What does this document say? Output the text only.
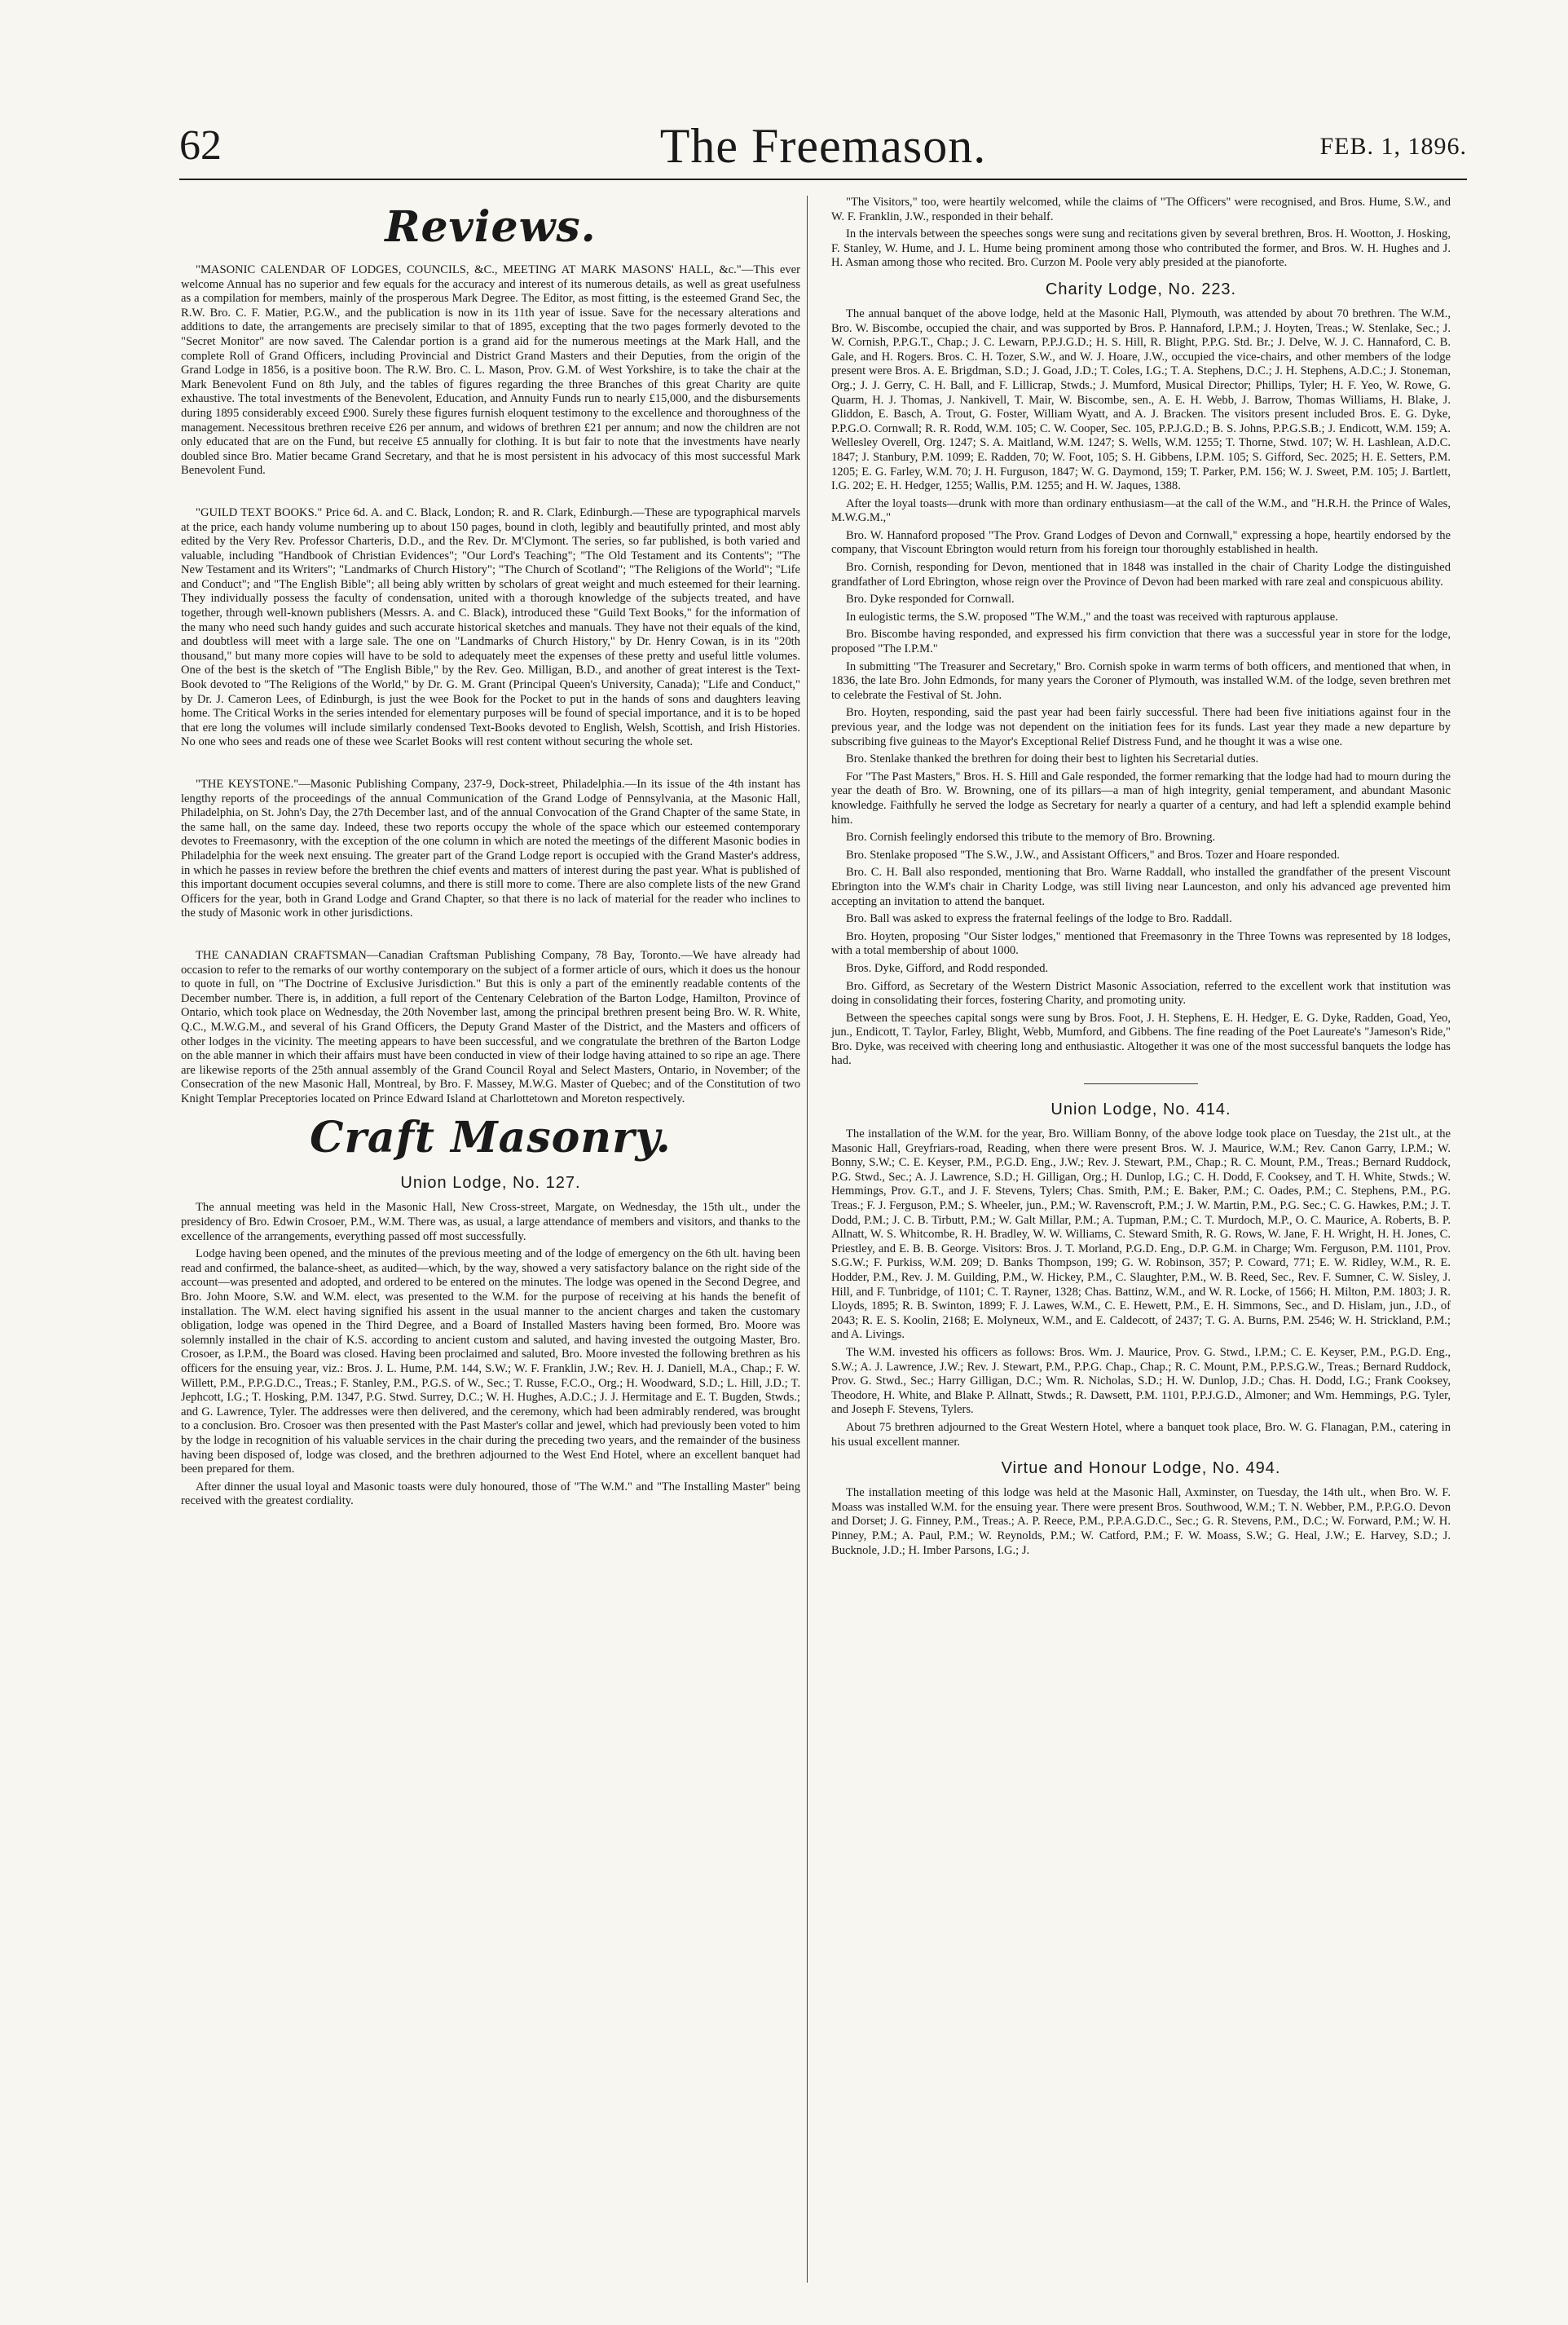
The Freemason.
62	FEB. 1, 1896.
Reviews.

"MASONIC CALENDAR OF LODGES, COUNCILS, &C., MEETING AT MARK MASONS' HALL, &c."—This ever welcome Annual has no superior and few equals for the accuracy and interest of its numerous details, as well as great usefulness as a compilation for members, mainly of the prosperous Mark Degree. The Editor, as most fitting, is the esteemed Grand Sec, the R.W. Bro. C. F. Matier, P.G.W., and the publication is now in its 11th year of issue. Save for the necessary alterations and additions to date, the arrangements are precisely similar to that of 1895, excepting that the two pages formerly devoted to the "Secret Monitor" are now saved. The Calendar portion is a grand aid for the numerous meetings at the Mark Hall, and the complete Roll of Grand Officers, including Provincial and District Grand Masters and their Deputies, from the origin of the Grand Lodge in 1856, is a positive boon. The R.W. Bro. C. L. Mason, Prov. G.M. of West Yorkshire, is to take the chair at the Mark Benevolent Fund on 8th July, and the tables of figures regarding the three Branches of this great Charity are quite exhaustive. The total investments of the Benevolent, Education, and Annuity Funds run to nearly £15,000, and the disbursements during 1895 considerably exceed £900. Surely these figures furnish eloquent testimony to the excellence and thoroughness of the management. Necessitous brethren receive £26 per annum, and widows of brethren £21 per annum; and now the children are not only educated that are on the Fund, but receive £5 annually for clothing. It is but fair to note that the investments have nearly doubled since Bro. Matier became Grand Secretary, and that he is most persistent in his advocacy of this most successful Mark Benevolent Fund.

"GUILD TEXT BOOKS." Price 6d. A. and C. Black, London; R. and R. Clark, Edinburgh.—These are typographical marvels at the price, each handy volume numbering up to about 150 pages, bound in cloth, legibly and beautifully printed, and most ably edited by the Very Rev. Professor Charteris, D.D., and the Rev. Dr. M'Clymont. The series, so far published, is both varied and valuable, including "Handbook of Christian Evidences"; "Our Lord's Teaching"; "The Old Testament and its Contents"; "The New Testament and its Writers"; "Landmarks of Church History"; "The Church of Scotland"; "The Religions of the World"; "Life and Conduct"; and "The English Bible"; all being ably written by scholars of great weight and much esteemed for their learning. They individually possess the faculty of condensation, united with a thorough knowledge of the subjects treated, and have together, through well-known publishers (Messrs. A. and C. Black), introduced these "Guild Text Books," for the information of the many who need such handy guides and such accurate historical sketches and manuals. They have not their equals of the kind, and doubtless will meet with a large sale. The one on "Landmarks of Church History," by Dr. Henry Cowan, is in its "20th thousand," but many more copies will have to be sold to adequately meet the expenses of these pretty and useful little volumes. One of the best is the sketch of "The English Bible," by the Rev. Geo. Milligan, B.D., and another of great interest is the Text-Book devoted to "The Religions of the World," by Dr. G. M. Grant (Principal Queen's University, Canada); "Life and Conduct," by Dr. J. Cameron Lees, of Edinburgh, is just the wee Book for the Pocket to put in the hands of sons and daughters leaving home. The Critical Works in the series intended for elementary purposes will be found of special importance, and it is to be hoped that ere long the volumes will include similarly condensed Text-Books devoted to English, Welsh, Scottish, and Irish Histories. No one who sees and reads one of these wee Scarlet Books will rest content without securing the whole set.

"THE KEYSTONE."—Masonic Publishing Company, 237-9, Dock-street, Philadelphia.—In its issue of the 4th instant has lengthy reports of the proceedings of the annual Communication of the Grand Lodge of Pennsylvania, at the Masonic Hall, Philadelphia, on St. John's Day, the 27th December last, and of the annual Convocation of the Grand Chapter of the same State, in the same hall, on the same day. Indeed, these two reports occupy the whole of the space which our esteemed contemporary devotes to Freemasonry, with the exception of the one column in which are noted the meetings of the different Masonic bodies in Philadelphia for the week next ensuing. The greater part of the Grand Lodge report is occupied with the Grand Master's address, in which he passes in review before the brethren the chief events and matters of interest during the past year. What is published of this important document occupies several columns, and there is still more to come. There are also complete lists of the new Grand Officers for the year, both in Grand Lodge and Grand Chapter, so that there is no lack of material for the reader who inclines to the study of Masonic work in other jurisdictions.

THE CANADIAN CRAFTSMAN—Canadian Craftsman Publishing Company, 78 Bay, Toronto.—We have already had occasion to refer to the remarks of our worthy contemporary on the subject of a former article of ours, which it does us the honour to quote in full, on "The Doctrine of Exclusive Jurisdiction." But this is only a part of the eminently readable contents of the December number. There is, in addition, a full report of the Centenary Celebration of the Barton Lodge, Hamilton, Province of Ontario, which took place on Wednesday, the 20th November last, among the principal brethren present being Bro. W. R. White, Q.C., M.W.G.M., and several of his Grand Officers, the Deputy Grand Master of the District, and the Masters and officers of other lodges in the vicinity. The meeting appears to have been successful, and we congratulate the brethren of the Barton Lodge on the able manner in which their affairs must have been conducted in view of their lodge having attained to so ripe an age. There are likewise reports of the 25th annual assembly of the Grand Council Royal and Select Masters, Ontario, in November; of the Consecration of the new Masonic Hall, Montreal, by Bro. F. Massey, M.W.G. Master of Quebec; and of the Constitution of two Knight Templar Preceptories located on Prince Edward Island at Charlottetown and Moreton respectively.

Craft Masonry.
Union Lodge, No. 127.

The annual meeting was held in the Masonic Hall, New Cross-street, Margate, on Wednesday, the 15th ult., under the presidency of Bro. Edwin Crosoer, P.M., W.M. There was, as usual, a large attendance of members and visitors, and thanks to the excellence of the arrangements, everything passed off most successfully.

Lodge having been opened, and the minutes of the previous meeting and of the lodge of emergency on the 6th ult. having been read and confirmed, the balance-sheet, as audited—which, by the way, showed a very satisfactory balance on the right side of the account—was presented and adopted, and ordered to be entered on the minutes. The lodge was opened in the Second Degree, and Bro. John Moore, S.W. and W.M. elect, was presented to the W.M. for the purpose of receiving at his hands the benefit of installation. The W.M. elect having signified his assent in the usual manner to the ancient charges and taken the customary obligation, lodge was opened in the Third Degree, and a Board of Installed Masters having been formed, Bro. Moore was solemnly installed in the chair of K.S. according to ancient custom and saluted, and having invested the outgoing Master, Bro. Crosoer, as I.P.M., the Board was closed. Having been proclaimed and saluted, Bro. Moore invested the following brethren as his officers for the ensuing year, viz.: Bros. J. L. Hume, P.M. 144, S.W.; W. F. Franklin, J.W.; Rev. H. J. Daniell, M.A., Chap.; F. W. Willett, P.M., P.P.G.D.C., Treas.; F. Stanley, P.M., P.G.S. of W., Sec.; T. Russe, F.C.O., Org.; H. Woodward, S.D.; L. Hill, J.D.; T. Jephcott, I.G.; T. Hosking, P.M. 1347, P.G. Stwd. Surrey, D.C.; W. H. Hughes, A.D.C.; J. J. Hermitage and E. T. Bugden, Stwds.; and G. Lawrence, Tyler. The addresses were then delivered, and the ceremony, which had been admirably rendered, was brought to a conclusion. Bro. Crosoer was then presented with the Past Master's collar and jewel, which had previously been voted to him by the lodge in recognition of his valuable services in the chair during the preceding two years, and the remainder of the business having been disposed of, lodge was closed, and the brethren adjourned to the West End Hotel, where an excellent banquet had been prepared for them.

After dinner the usual loyal and Masonic toasts were duly honoured, those of "The W.M." and "The Installing Master" being received with the greatest cordiality.

"The Visitors," too, were heartily welcomed, while the claims of "The Officers" were recognised, and Bros. Hume, S.W., and W. F. Franklin, J.W., responded in their behalf.

In the intervals between the speeches songs were sung and recitations given by several brethren, Bros. H. Wootton, J. Hosking, F. Stanley, W. Hume, and J. L. Hume being prominent among those who contributed the former, and Bros. W. H. Hughes and J. H. Asman among those who recited. Bro. Curzon M. Poole very ably presided at the pianoforte.

Charity Lodge, No. 223.

The annual banquet of the above lodge, held at the Masonic Hall, Plymouth, was attended by about 70 brethren. The W.M., Bro. W. Biscombe, occupied the chair, and was supported by Bros. P. Hannaford, I.P.M.; J. Hoyten, Treas.; W. Stenlake, Sec.; J. W. Cornish, P.P.G.T., Chap.; J. C. Lewarn, P.P.J.G.D.; H. S. Hill, R. Blight, P.P.G. Std. Br.; J. Delve, W. J. C. Hannaford, C. B. Gale, and H. Rogers. Bros. C. H. Tozer, S.W., and W. J. Hoare, J.W., occupied the vice-chairs, and other members of the lodge present were Bros. A. E. Brigdman, S.D.; J. Goad, J.D.; T. Coles, I.G.; T. A. Stephens, D.C.; J. H. Stephens, A.D.C.; J. Stoneman, Org.; J. J. Gerry, C. H. Ball, and F. Lillicrap, Stwds.; J. Mumford, Musical Director; Phillips, Tyler; H. F. Yeo, W. Rowe, G. Quarm, H. J. Thomas, J. Nankivell, T. Mair, W. Biscombe, sen., A. E. H. Webb, J. Barrow, Thomas Williams, H. Blake, J. Gliddon, E. Basch, A. Trout, G. Foster, William Wyatt, and A. J. Bracken. The visitors present included Bros. E. G. Dyke, P.P.G.O. Cornwall; R. R. Rodd, W.M. 105; C. W. Cooper, Sec. 105, P.P.J.G.D.; B. S. Johns, P.P.G.S.B.; J. Endicott, W.M. 159; A. Wellesley Overell, Org. 1247; S. A. Maitland, W.M. 1247; S. Wells, W.M. 1255; T. Thorne, Stwd. 107; W. H. Lashlean, A.D.C. 1847; J. Stanbury, P.M. 1099; E. Radden, 70; W. Foot, 105; S. H. Gibbens, I.P.M. 105; S. Gifford, Sec. 2025; H. E. Setters, P.M. 1205; E. G. Farley, W.M. 70; J. H. Furguson, 1847; W. G. Daymond, 159; T. Parker, P.M. 156; W. J. Sweet, P.M. 105; J. Bartlett, I.G. 202; E. H. Hedger, 1255; Wallis, P.M. 1255; and H. W. Jaques, 1388.

After the loyal toasts—drunk with more than ordinary enthusiasm—at the call of the W.M., and "H.R.H. the Prince of Wales, M.W.G.M.,"

Bro. W. Hannaford proposed "The Prov. Grand Lodges of Devon and Cornwall," expressing a hope, heartily endorsed by the company, that Viscount Ebrington would return from his foreign tour thoroughly established in health.

Bro. Cornish, responding for Devon, mentioned that in 1848 was installed in the chair of Charity Lodge the distinguished grandfather of Lord Ebrington, whose reign over the Province of Devon had been marked with rare zeal and conspicuous ability.

Bro. Dyke responded for Cornwall.

In eulogistic terms, the S.W. proposed "The W.M.," and the toast was received with rapturous applause.

Bro. Biscombe having responded, and expressed his firm conviction that there was a successful year in store for the lodge, proposed "The I.P.M."

In submitting "The Treasurer and Secretary," Bro. Cornish spoke in warm terms of both officers, and mentioned that when, in 1836, the late Bro. John Edmonds, for many years the Coroner of Plymouth, was installed W.M. of the lodge, seven brethren met to celebrate the Festival of St. John.

Bro. Hoyten, responding, said the past year had been fairly successful. There had been five initiations against four in the previous year, and the lodge was not dependent on the initiation fees for its funds. Last year they made a new departure by subscribing five guineas to the Mayor's Exceptional Relief Distress Fund, and he thought it was a wise one.

Bro. Stenlake thanked the brethren for doing their best to lighten his Secretarial duties.

For "The Past Masters," Bros. H. S. Hill and Gale responded, the former remarking that the lodge had had to mourn during the year the death of Bro. W. Browning, one of its pillars—a man of high integrity, genial temperament, and abundant Masonic knowledge. Faithfully he served the lodge as Secretary for nearly a quarter of a century, and had left a splendid example behind him.

Bro. Cornish feelingly endorsed this tribute to the memory of Bro. Browning.

Bro. Stenlake proposed "The S.W., J.W., and Assistant Officers," and Bros. Tozer and Hoare responded.

Bro. C. H. Ball also responded, mentioning that Bro. Warne Raddall, who installed the grandfather of the present Viscount Ebrington into the W.M's chair in Charity Lodge, was still living near Launceston, and only his advanced age prevented him accepting an invitation to attend the banquet.

Bro. Ball was asked to express the fraternal feelings of the lodge to Bro. Raddall.

Bro. Hoyten, proposing "Our Sister lodges," mentioned that Freemasonry in the Three Towns was represented by 18 lodges, with a total membership of about 1000.

Bros. Dyke, Gifford, and Rodd responded.

Bro. Gifford, as Secretary of the Western District Masonic Association, referred to the excellent work that institution was doing in consolidating their forces, fostering Charity, and promoting unity.

Between the speeches capital songs were sung by Bros. Foot, J. H. Stephens, E. H. Hedger, E. G. Dyke, Radden, Goad, Yeo, jun., Endicott, T. Taylor, Farley, Blight, Webb, Mumford, and Gibbens. The fine reading of the Poet Laureate's "Jameson's Ride," Bro. Dyke, was received with cheering long and enthusiastic. Altogether it was one of the most successful banquets the lodge has had.

Union Lodge, No. 414.

The installation of the W.M. for the year, Bro. William Bonny, of the above lodge took place on Tuesday, the 21st ult., at the Masonic Hall, Greyfriars-road, Reading, when there were present Bros. W. J. Maurice, W.M.; Rev. Canon Garry, I.P.M.; W. Bonny, S.W.; C. E. Keyser, P.M., P.G.D. Eng., J.W.; Rev. J. Stewart, P.M., Chap.; R. C. Mount, P.M., Treas.; Bernard Ruddock, P.G. Stwd., Sec.; A. J. Lawrence, S.D.; H. Gilligan, Org.; H. Dunlop, I.G.; C. H. Dodd, F. Cooksey, and T. H. White, Stwds.; W. Hemmings, Prov. G.T., and J. F. Stevens, Tylers; Chas. Smith, P.M.; E. Baker, P.M.; C. Oades, P.M.; C. Stephens, P.M., P.G. Treas.; F. J. Ferguson, P.M.; S. Wheeler, jun., P.M.; W. Ravenscroft, P.M.; J. W. Martin, P.M., P.G. Sec.; C. G. Hawkes, P.M.; J. T. Dodd, P.M.; J. C. B. Tirbutt, P.M.; W. Galt Millar, P.M.; A. Tupman, P.M.; C. T. Murdoch, M.P., O. C. Maurice, A. Roberts, B. P. Allnatt, W. S. Whitcombe, R. H. Bradley, W. W. Williams, C. Steward Smith, R. G. Rows, W. Jane, F. H. Wright, H. H. Jones, C. Priestley, and E. B. B. George. Visitors: Bros. J. T. Morland, P.G.D. Eng., D.P. G.M. in Charge; Wm. Ferguson, P.M. 1101, Prov. S.G.W.; F. Purkiss, W.M. 209; D. Banks Thompson, 199; G. W. Robinson, 357; P. Coward, 771; E. W. Ridley, W.M., R. E. Hodder, P.M., Rev. J. M. Guilding, P.M., W. Hickey, P.M., C. Slaughter, P.M., W. B. Reed, Sec., Rev. F. Sumner, C. W. Sisley, J. Hill, and F. Tunbridge, of 1101; C. T. Rayner, 1328; Chas. Battinz, W.M., and W. R. Locke, of 1566; H. Milton, P.M. 1803; J. R. Lloyds, 1895; R. B. Swinton, 1899; F. J. Lawes, W.M., C. E. Hewett, P.M., E. H. Simmons, Sec., and D. Hislam, jun., J.D., of 2043; R. E. S. Koolin, 2168; E. Molyneux, W.M., and E. Caldecott, of 2437; T. G. A. Burns, P.M. 2546; W. H. Strickland, P.M.; and A. Livings.

The W.M. invested his officers as follows: Bros. Wm. J. Maurice, Prov. G. Stwd., I.P.M.; C. E. Keyser, P.M., P.G.D. Eng., S.W.; A. J. Lawrence, J.W.; Rev. J. Stewart, P.M., P.P.G. Chap., Chap.; R. C. Mount, P.M., P.P.S.G.W., Treas.; Bernard Ruddock, Prov. G. Stwd., Sec.; Harry Gilligan, D.C.; Wm. R. Nicholas, S.D.; H. W. Dunlop, J.D.; Chas. H. Dodd, I.G.; Frank Cooksey, Theodore, H. White, and Blake P. Allnatt, Stwds.; R. Dawsett, P.M. 1101, P.P.J.G.D., Almoner; and Wm. Hemmings, P.G. Tyler, and Joseph F. Stevens, Tylers.

About 75 brethren adjourned to the Great Western Hotel, where a banquet took place, Bro. W. G. Flanagan, P.M., catering in his usual excellent manner.

Virtue and Honour Lodge, No. 494.

The installation meeting of this lodge was held at the Masonic Hall, Axminster, on Tuesday, the 14th ult., when Bro. W. F. Moass was installed W.M. for the ensuing year. There were present Bros. Southwood, W.M.; T. N. Webber, P.M., P.P.G.O. Devon and Dorset; J. G. Finney, P.M., Treas.; A. P. Reece, P.M., P.P.A.G.D.C., Sec.; G. R. Stevens, P.M., D.C.; W. Forward, P.M.; W. H. Pinney, P.M.; A. Paul, P.M.; W. Reynolds, P.M.; W. Catford, P.M.; F. W. Moass, S.W.; G. Heal, J.W.; E. Harvey, S.D.; J. Bucknole, J.D.; H. Imber Parsons, I.G.; J.
